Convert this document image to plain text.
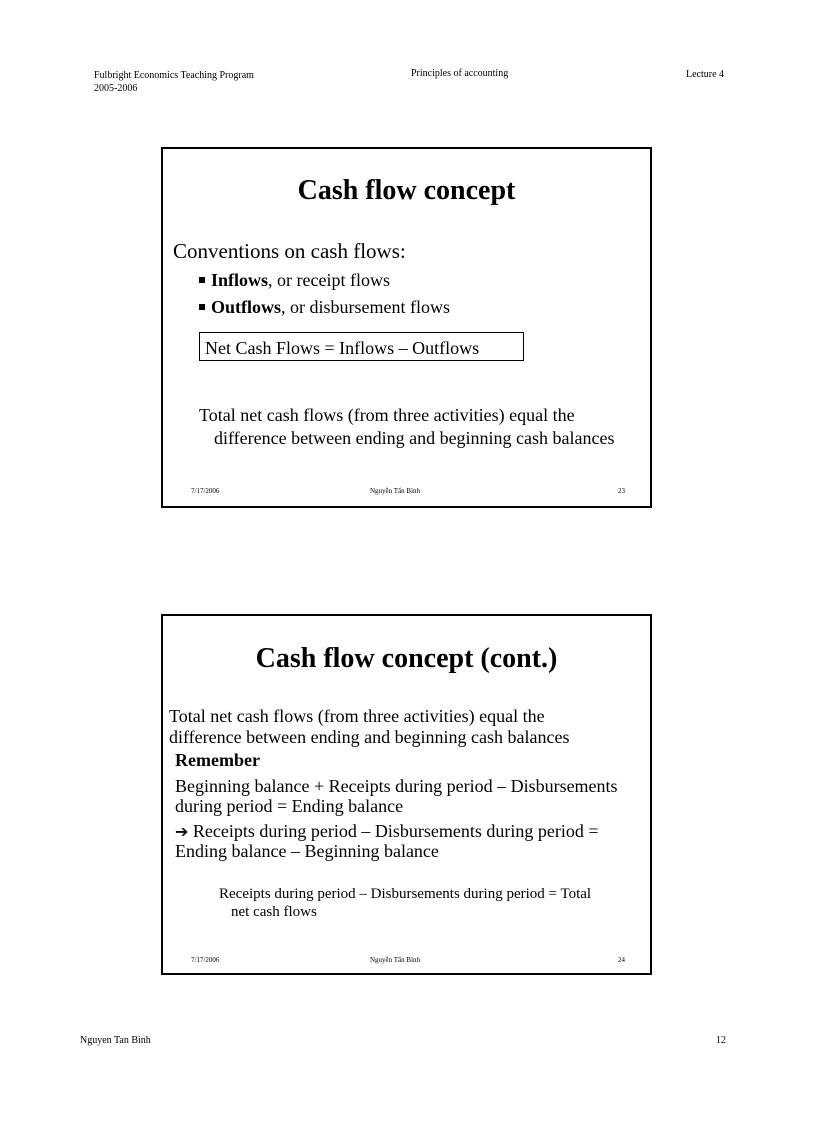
Fulbright Economics Teaching Program
2005-2006
Principles of accounting	Lecture 4
Cash flow concept
Conventions on cash flows:
Inflows, or receipt flows
Outflows, or disbursement flows
Net Cash Flows = Inflows – Outflows
Total net cash flows (from three activities) equal the
difference between ending and beginning cash balances
7/17/2006	Nguyễn Tấn Bình	23
Cash flow concept (cont.)
Total net cash flows (from three activities) equal the
difference between ending and beginning cash balances
Remember
Beginning balance + Receipts during period – Disbursements
during period = Ending balance
➔ Receipts during period – Disbursements during period =
Ending balance – Beginning balance
Receipts during period – Disbursements during period = Total
net cash flows
7/17/2006	Nguyễn Tấn Bình	24
Nguyen Tan Binh	12
